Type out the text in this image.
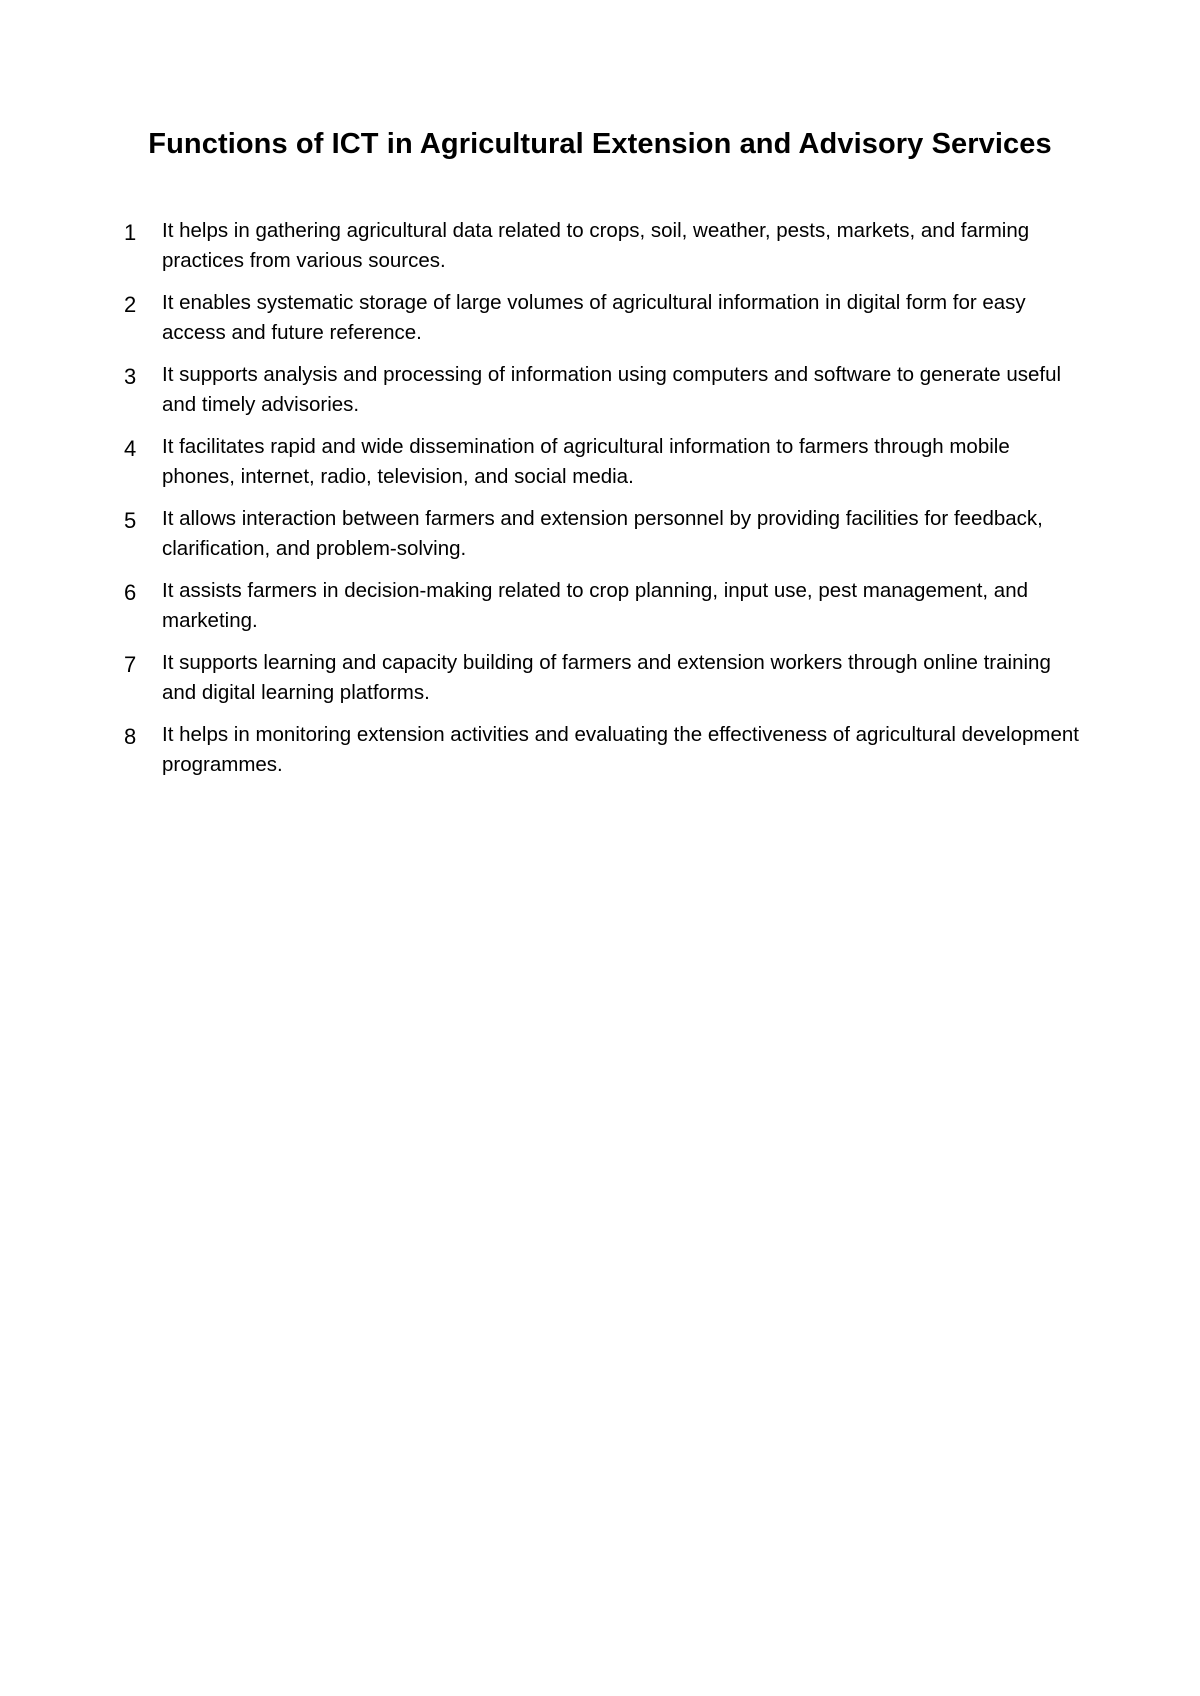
Functions of ICT in Agricultural Extension and Advisory Services
1	It helps in gathering agricultural data related to crops, soil, weather, pests, markets, and farming practices from various sources.
2	It enables systematic storage of large volumes of agricultural information in digital form for easy access and future reference.
3	It supports analysis and processing of information using computers and software to generate useful and timely advisories.
4	It facilitates rapid and wide dissemination of agricultural information to farmers through mobile phones, internet, radio, television, and social media.
5	It allows interaction between farmers and extension personnel by providing facilities for feedback, clarification, and problem-solving.
6	It assists farmers in decision-making related to crop planning, input use, pest management, and marketing.
7	It supports learning and capacity building of farmers and extension workers through online training and digital learning platforms.
8	It helps in monitoring extension activities and evaluating the effectiveness of agricultural development programmes.
